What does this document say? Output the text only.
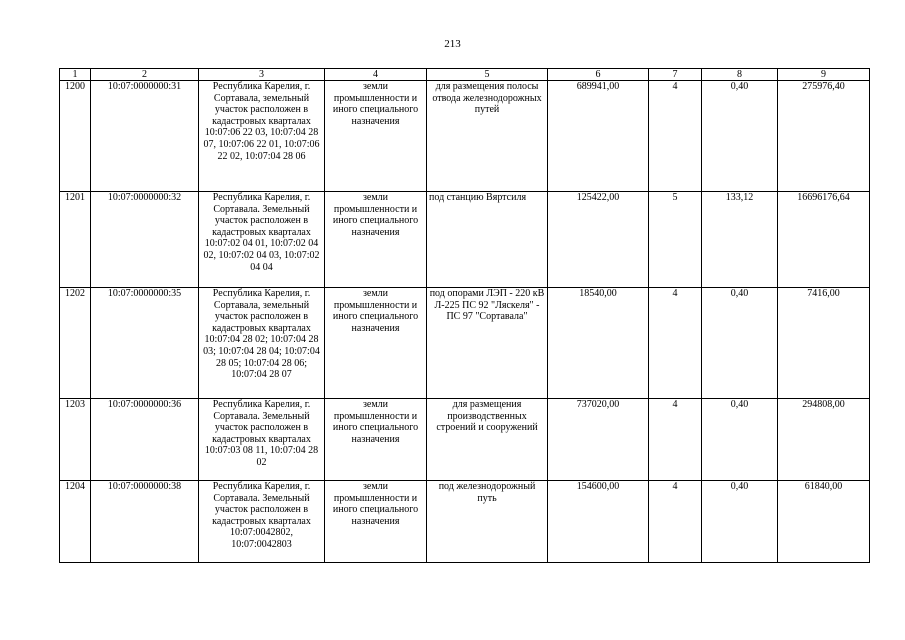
213
1	2	3	4	5	6	7	8	9
1200	10:07:0000000:31	Республика Карелия, г. Сортавала, земельный участок расположен в кадастровых кварталах 10:07:06 22 03, 10:07:04 28 07, 10:07:06 22 01, 10:07:06 22 02, 10:07:04 28 06	земли промышленности и иного специального назначения	для размещения полосы отвода железнодорожных путей	689941,00	4	0,40	275976,40
1201	10:07:0000000:32	Республика Карелия, г. Сортавала. Земельный участок расположен в кадастровых кварталах 10:07:02 04 01, 10:07:02 04 02, 10:07:02 04 03, 10:07:02 04 04	земли промышленности и иного специального назначения	под станцию Вяртсиля	125422,00	5	133,12	16696176,64
1202	10:07:0000000:35	Республика Карелия, г. Сортавала, земельный участок расположен в кадастровых кварталах 10:07:04 28 02; 10:07:04 28 03; 10:07:04 28 04; 10:07:04 28 05; 10:07:04 28 06; 10:07:04 28 07	земли промышленности и иного специального назначения	под опорами ЛЭП - 220 кВ Л-225 ПС 92 "Ляскеля" - ПС 97 "Сортавала"	18540,00	4	0,40	7416,00
1203	10:07:0000000:36	Республика Карелия, г. Сортавала. Земельный участок расположен в кадастровых кварталах 10:07:03 08 11, 10:07:04 28 02	земли промышленности и иного специального назначения	для размещения производственных строений и сооружений	737020,00	4	0,40	294808,00
1204	10:07:0000000:38	Республика Карелия, г. Сортавала. Земельный участок расположен в кадастровых кварталах 10:07:0042802, 10:07:0042803	земли промышленности и иного специального назначения	под железнодорожный путь	154600,00	4	0,40	61840,00
